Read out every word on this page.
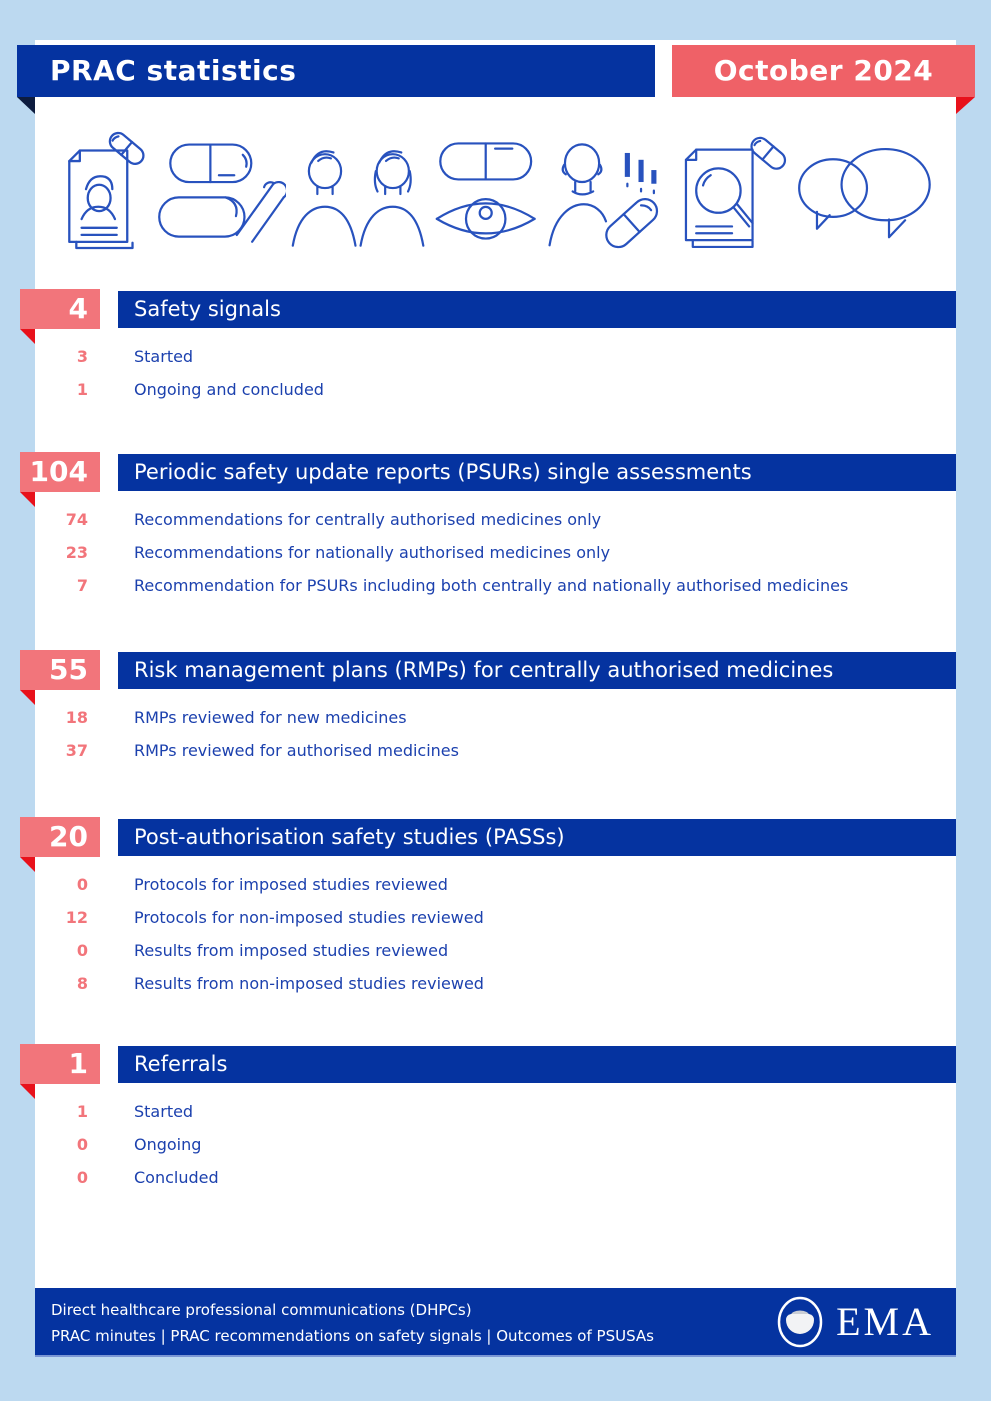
PRAC statistics	October 2024
4	Safety signals
3	Started
1	Ongoing and concluded
104	Periodic safety update reports (PSURs) single assessments
74	Recommendations for centrally authorised medicines only
23	Recommendations for nationally authorised medicines only
7	Recommendation for PSURs including both centrally and nationally authorised medicines
55	Risk management plans (RMPs) for centrally authorised medicines
18	RMPs reviewed for new medicines
37	RMPs reviewed for authorised medicines
20	Post-authorisation safety studies (PASSs)
0	Protocols for imposed studies reviewed
12	Protocols for non-imposed studies reviewed
0	Results from imposed studies reviewed
8	Results from non-imposed studies reviewed
1	Referrals
1	Started
0	Ongoing
0	Concluded
Direct healthcare professional communications (DHPCs)
PRAC minutes | PRAC recommendations on safety signals | Outcomes of PSUSAs	EMA
